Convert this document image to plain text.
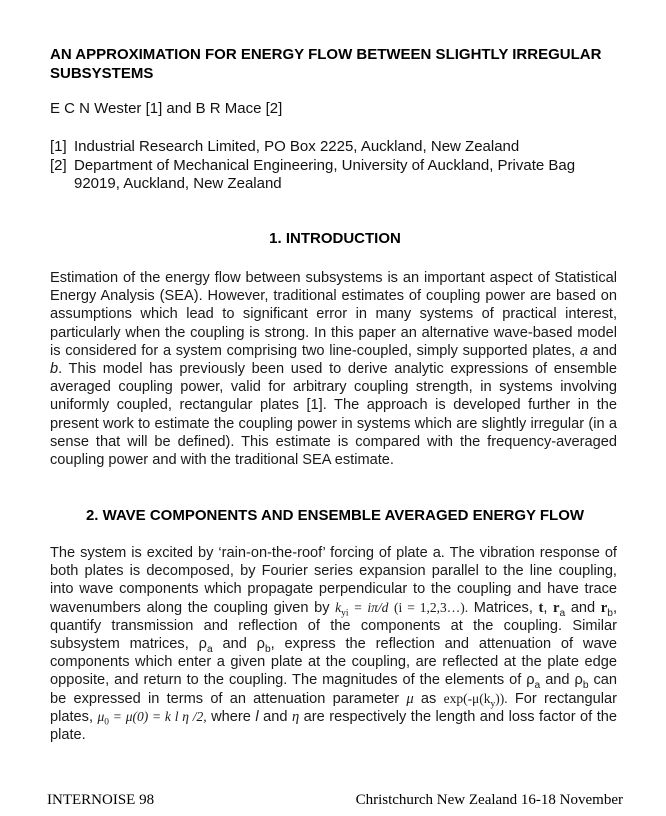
AN APPROXIMATION FOR ENERGY FLOW BETWEEN SLIGHTLY IRREGULAR SUBSYSTEMS
E C N Wester [1] and B R Mace [2]
[1] Industrial Research Limited, PO Box 2225, Auckland, New Zealand
[2] Department of Mechanical Engineering, University of Auckland, Private Bag 92019, Auckland, New Zealand
1. INTRODUCTION
Estimation of the energy flow between subsystems is an important aspect of Statistical Energy Analysis (SEA). However, traditional estimates of coupling power are based on assumptions which lead to significant error in many systems of practical interest, particularly when the coupling is strong. In this paper an alternative wave-based model is considered for a system comprising two line-coupled, simply supported plates, a and b. This model has previously been used to derive analytic expressions of ensemble averaged coupling power, valid for arbitrary coupling strength, in systems involving uniformly coupled, rectangular plates [1]. The approach is developed further in the present work to estimate the coupling power in systems which are slightly irregular (in a sense that will be defined). This estimate is compared with the frequency-averaged coupling power and with the traditional SEA estimate.
2. WAVE COMPONENTS AND ENSEMBLE AVERAGED ENERGY FLOW
The system is excited by ‘rain-on-the-roof’ forcing of plate a. The vibration response of both plates is decomposed, by Fourier series expansion parallel to the line coupling, into wave components which propagate perpendicular to the coupling and have trace wavenumbers along the coupling given by $k_{yi} = i\pi/d$ (i = 1,2,3…). Matrices, t, $r_a$ and $r_b$, quantify transmission and reflection of the components at the coupling. Similar subsystem matrices, $\rho_a$ and $\rho_b$, express the reflection and attenuation of wave components which enter a given plate at the coupling, are reflected at the plate edge opposite, and return to the coupling. The magnitudes of the elements of $\rho_a$ and $\rho_b$ can be expressed in terms of an attenuation parameter μ as $\exp(-\mu(k_y))$. For rectangular plates, $\mu_0 = \mu(0) = k$ l η /2, where l and η are respectively the length and loss factor of the plate.
INTERNOISE 98	Christchurch New Zealand 16-18 November
